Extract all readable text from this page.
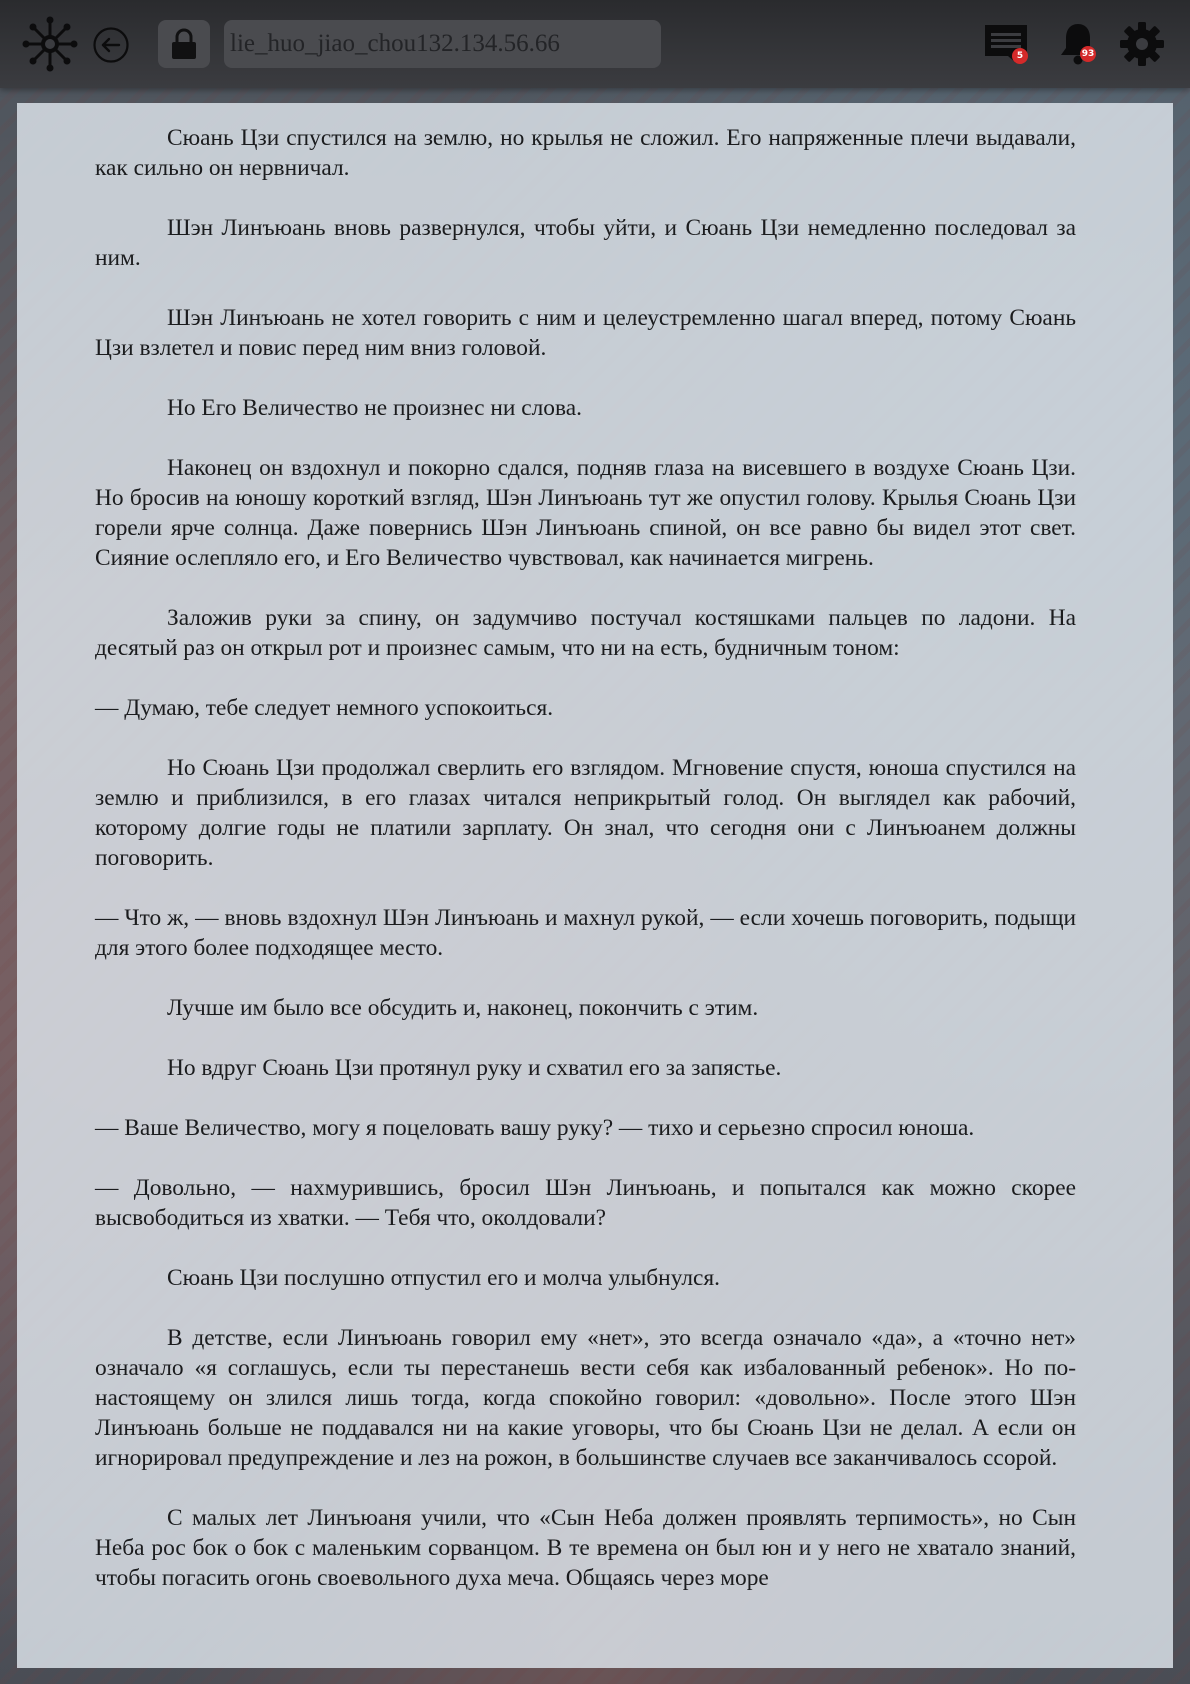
lie_huo_jiao_chou132.134.56.66
5	93

Сюань Цзи спустился на землю, но крылья не сложил. Его напряженные плечи выдавали, как сильно он нервничал.

Шэн Линъюань вновь развернулся, чтобы уйти, и Сюань Цзи немедленно последовал за ним.

Шэн Линъюань не хотел говорить с ним и целеустремленно шагал вперед, потому Сюань Цзи взлетел и повис перед ним вниз головой.

Но Его Величество не произнес ни слова.

Наконец он вздохнул и покорно сдался, подняв глаза на висевшего в воздухе Сюань Цзи. Но бросив на юношу короткий взгляд, Шэн Линъюань тут же опустил голову. Крылья Сюань Цзи горели ярче солнца. Даже повернись Шэн Линъюань спиной, он все равно бы видел этот свет. Сияние ослепляло его, и Его Величество чувствовал, как начинается мигрень.

Заложив руки за спину, он задумчиво постучал костяшками пальцев по ладони. На десятый раз он открыл рот и произнес самым, что ни на есть, будничным тоном:

— Думаю, тебе следует немного успокоиться.

Но Сюань Цзи продолжал сверлить его взглядом. Мгновение спустя, юноша спустился на землю и приблизился, в его глазах читался неприкрытый голод. Он выглядел как рабочий, которому долгие годы не платили зарплату. Он знал, что сегодня они с Линъюанем должны поговорить.

— Что ж, — вновь вздохнул Шэн Линъюань и махнул рукой, — если хочешь поговорить, подыщи для этого более подходящее место.

Лучше им было все обсудить и, наконец, покончить с этим.

Но вдруг Сюань Цзи протянул руку и схватил его за запястье.

— Ваше Величество, могу я поцеловать вашу руку? — тихо и серьезно спросил юноша.

— Довольно, — нахмурившись, бросил Шэн Линъюань, и попытался как можно скорее высвободиться из хватки. — Тебя что, околдовали?

Сюань Цзи послушно отпустил его и молча улыбнулся.

В детстве, если Линъюань говорил ему «нет», это всегда означало «да», а «точно нет» означало «я соглашусь, если ты перестанешь вести себя как избалованный ребенок». Но по-настоящему он злился лишь тогда, когда спокойно говорил: «довольно». После этого Шэн Линъюань больше не поддавался ни на какие уговоры, что бы Сюань Цзи не делал. А если он игнорировал предупреждение и лез на рожон, в большинстве случаев все заканчивалось ссорой.

С малых лет Линъюаня учили, что «Сын Неба должен проявлять терпимость», но Сын Неба рос бок о бок с маленьким сорванцом. В те времена он был юн и у него не хватало знаний, чтобы погасить огонь своевольного духа меча. Общаясь через море
